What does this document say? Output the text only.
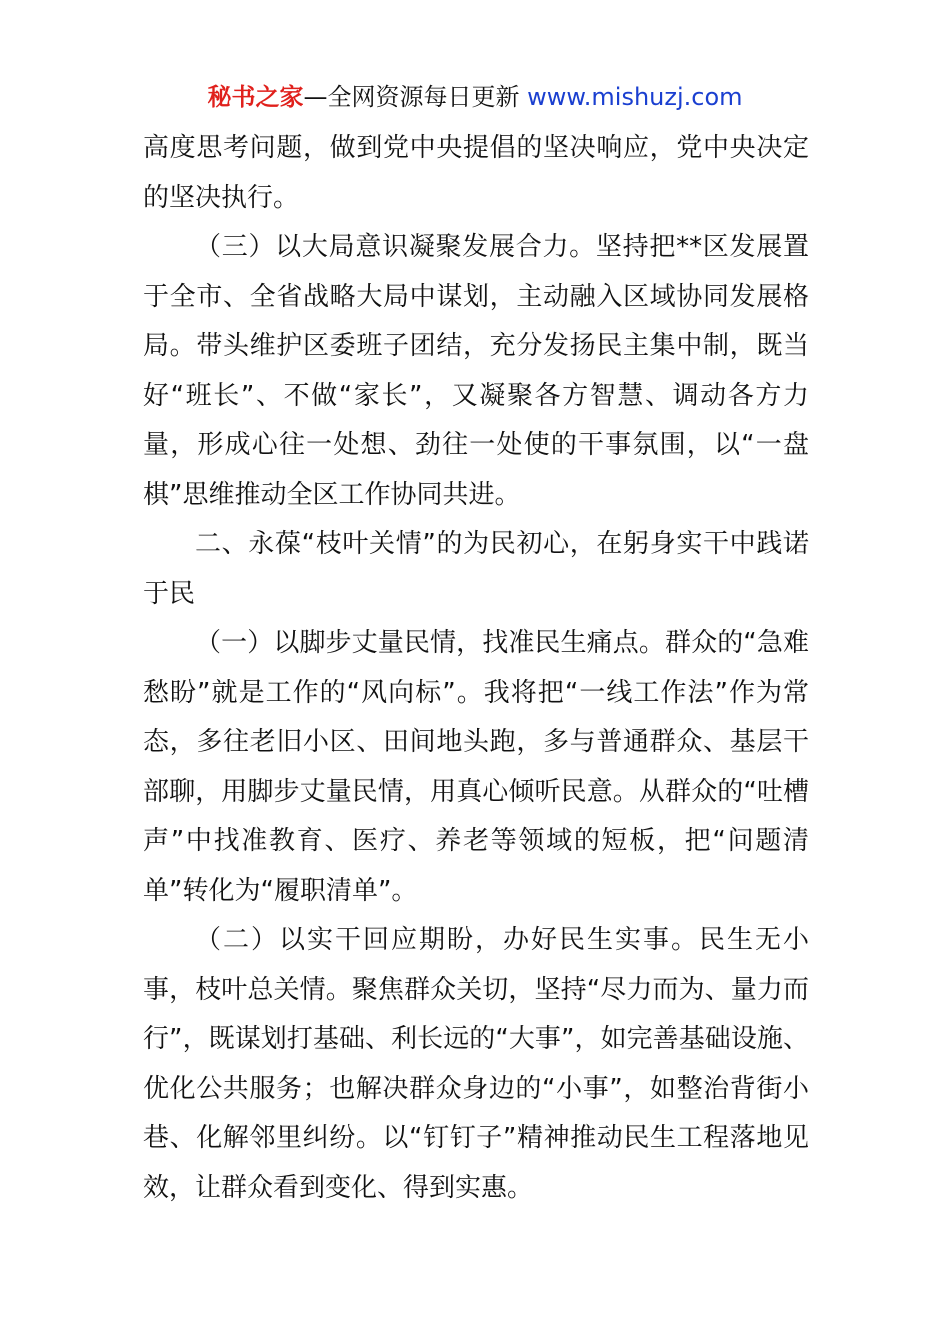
秘书之家—全网资源每日更新 www.mishuzj.com

高度思考问题，做到党中央提倡的坚决响应，党中央决定的坚决执行。

（三）以大局意识凝聚发展合力。坚持把**区发展置于全市、全省战略大局中谋划，主动融入区域协同发展格局。带头维护区委班子团结，充分发扬民主集中制，既当好“班长”、不做“家长”，又凝聚各方智慧、调动各方力量，形成心往一处想、劲往一处使的干事氛围，以“一盘棋”思维推动全区工作协同共进。

二、永葆“枝叶关情”的为民初心，在躬身实干中践诺于民

（一）以脚步丈量民情，找准民生痛点。群众的“急难愁盼”就是工作的“风向标”。我将把“一线工作法”作为常态，多往老旧小区、田间地头跑，多与普通群众、基层干部聊，用脚步丈量民情，用真心倾听民意。从群众的“吐槽声”中找准教育、医疗、养老等领域的短板，把“问题清单”转化为“履职清单”。

（二）以实干回应期盼，办好民生实事。民生无小事，枝叶总关情。聚焦群众关切，坚持“尽力而为、量力而行”，既谋划打基础、利长远的“大事”，如完善基础设施、优化公共服务；也解决群众身边的“小事”，如整治背街小巷、化解邻里纠纷。以“钉钉子”精神推动民生工程落地见效，让群众看到变化、得到实惠。
